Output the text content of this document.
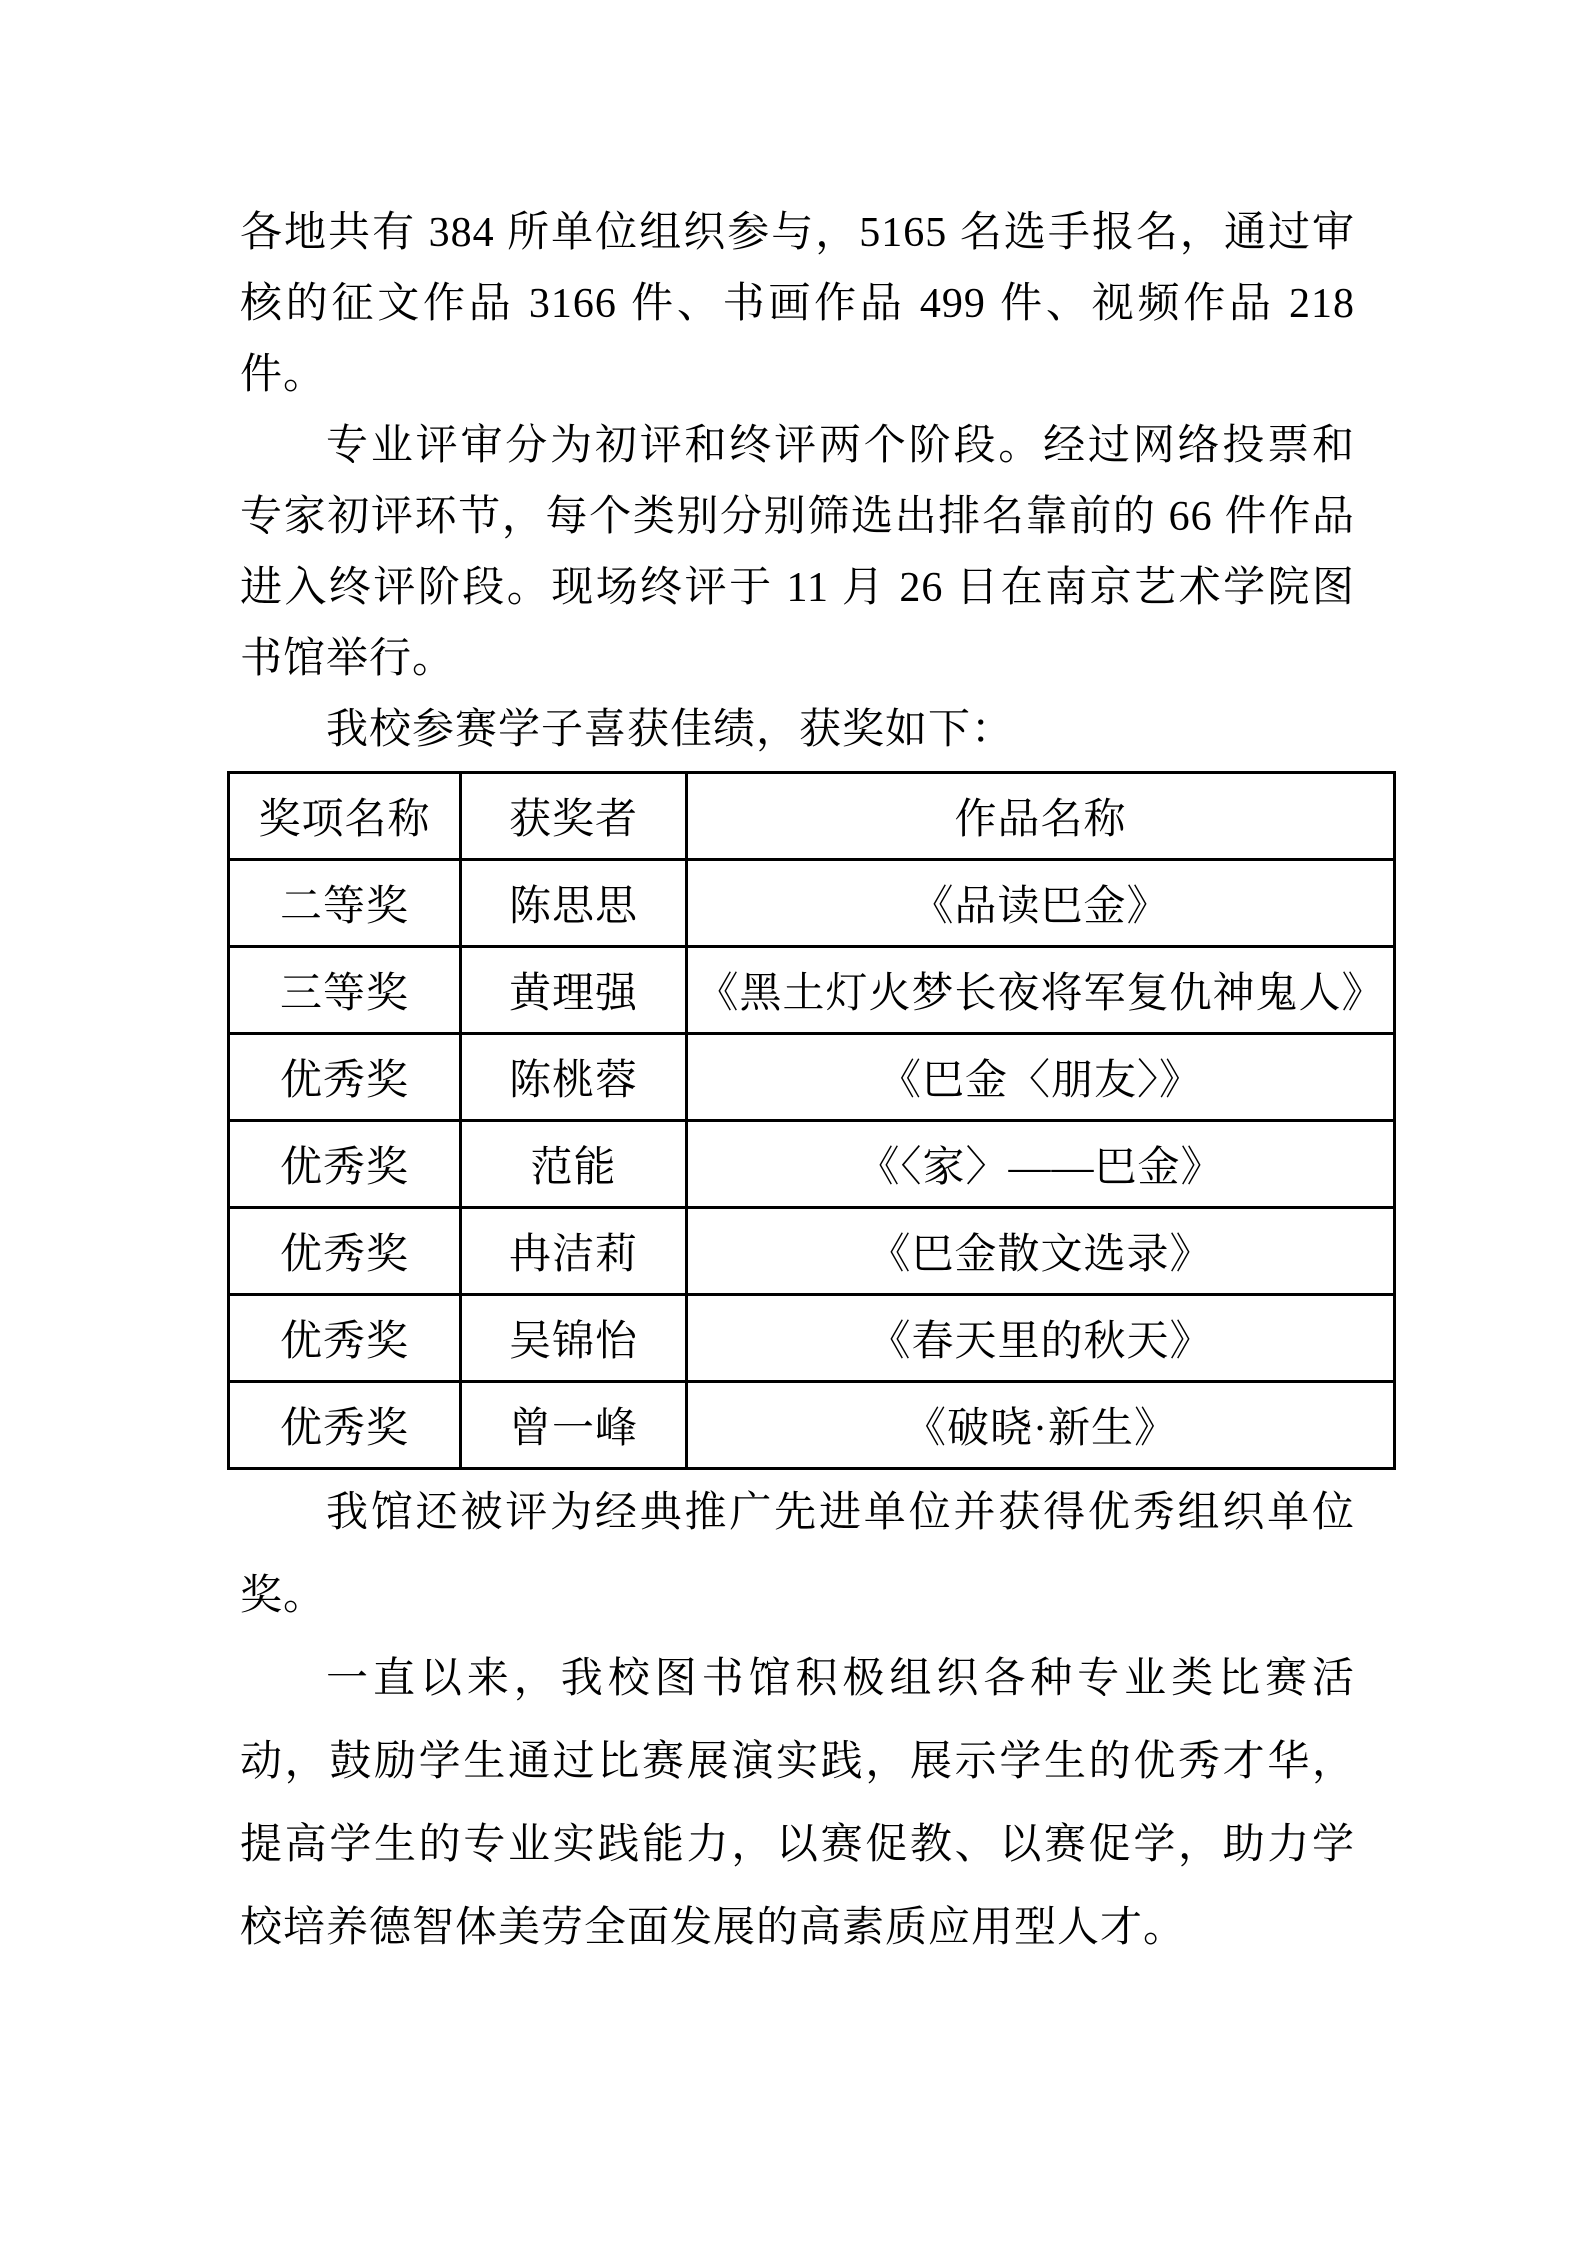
各地共有 384 所单位组织参与，5165 名选手报名，通过审核的征文作品 3166 件、书画作品 499 件、视频作品 218 件。

专业评审分为初评和终评两个阶段。经过网络投票和专家初评环节，每个类别分别筛选出排名靠前的 66 件作品进入终评阶段。现场终评于 11 月 26 日在南京艺术学院图书馆举行。

我校参赛学子喜获佳绩，获奖如下：

奖项名称	获奖者	作品名称
二等奖	陈思思	《品读巴金》
三等奖	黄理强	《黑土灯火梦长夜将军复仇神鬼人》
优秀奖	陈桃蓉	《巴金〈朋友〉》
优秀奖	范能	《〈家〉——巴金》
优秀奖	冉洁莉	《巴金散文选录》
优秀奖	吴锦怡	《春天里的秋天》
优秀奖	曾一峰	《破晓·新生》

我馆还被评为经典推广先进单位并获得优秀组织单位奖。

一直以来，我校图书馆积极组织各种专业类比赛活动，鼓励学生通过比赛展演实践，展示学生的优秀才华，提高学生的专业实践能力，以赛促教、以赛促学，助力学校培养德智体美劳全面发展的高素质应用型人才。
